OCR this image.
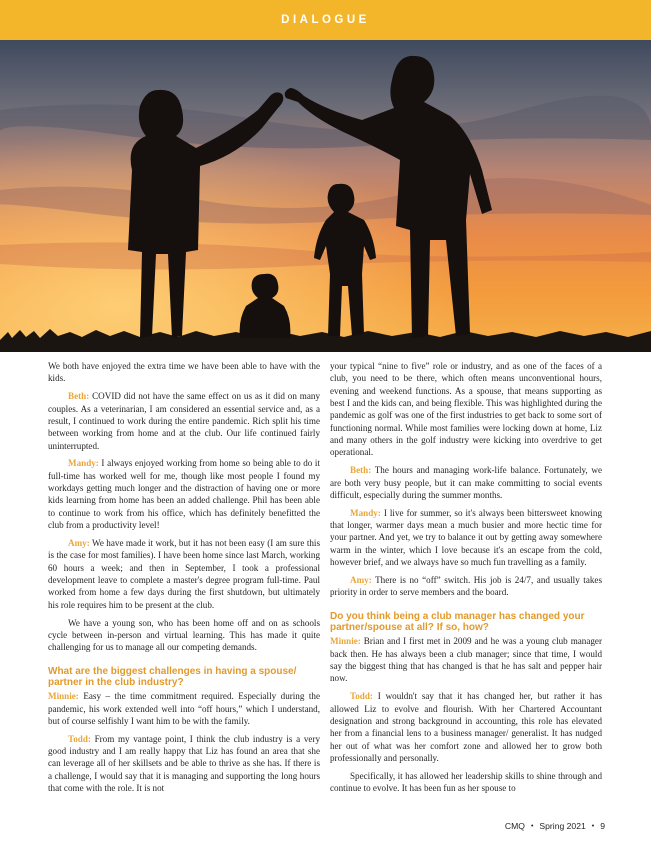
DIALOGUE

We both have enjoyed the extra time we have been able to have with the kids.

Beth: COVID did not have the same effect on us as it did on many couples. As a veterinarian, I am considered an essential service and, as a result, I continued to work during the entire pandemic. Rich split his time between working from home and at the club. Our life continued fairly uninterrupted.

Mandy: I always enjoyed working from home so being able to do it full-time has worked well for me, though like most people I found my workdays getting much longer and the distraction of having one or more kids learning from home has been an added challenge. Phil has been able to continue to work from his office, which has definitely benefitted the club from a productivity level!

Amy: We have made it work, but it has not been easy (I am sure this is the case for most families). I have been home since last March, working 60 hours a week; and then in September, I took a professional development leave to complete a master's degree program full-time. Paul worked from home a few days during the first shutdown, but ultimately his role requires him to be present at the club.

We have a young son, who has been home off and on as schools cycle between in-person and virtual learning. This has made it quite challenging for us to manage all our competing demands.

What are the biggest challenges in having a spouse/ partner in the club industry?

Minnie: Easy – the time commitment required. Especially during the pandemic, his work extended well into “off hours,” which I understand, but of course selfishly I want him to be with the family.

Todd: From my vantage point, I think the club industry is a very good industry and I am really happy that Liz has found an area that she can leverage all of her skillsets and be able to thrive as she has. If there is a challenge, I would say that it is managing and supporting the long hours that come with the role. It is not

your typical “nine to five” role or industry, and as one of the faces of a club, you need to be there, which often means unconventional hours, evening and weekend functions. As a spouse, that means supporting as best I and the kids can, and being flexible. This was highlighted during the pandemic as golf was one of the first industries to get back to some sort of functioning normal. While most families were locking down at home, Liz and many others in the golf industry were kicking into overdrive to get operational.

Beth: The hours and managing work-life balance. Fortunately, we are both very busy people, but it can make committing to social events difficult, especially during the summer months.

Mandy: I live for summer, so it's always been bittersweet knowing that longer, warmer days mean a much busier and more hectic time for your partner. And yet, we try to balance it out by getting away somewhere warm in the winter, which I love because it's an escape from the cold, however brief, and we always have so much fun travelling as a family.

Amy: There is no “off” switch. His job is 24/7, and usually takes priority in order to serve members and the board.

Do you think being a club manager has changed your partner/spouse at all? If so, how?

Minnie: Brian and I first met in 2009 and he was a young club manager back then. He has always been a club manager; since that time, I would say the biggest thing that has changed is that he has salt and pepper hair now.

Todd: I wouldn't say that it has changed her, but rather it has allowed Liz to evolve and flourish. With her Chartered Accountant designation and strong background in accounting, this role has elevated her from a financial lens to a business manager/ generalist. It has nudged her out of what was her comfort zone and allowed her to grow both professionally and personally.

Specifically, it has allowed her leadership skills to shine through and continue to evolve. It has been fun as her spouse to

CMQ • Spring 2021 • 9
